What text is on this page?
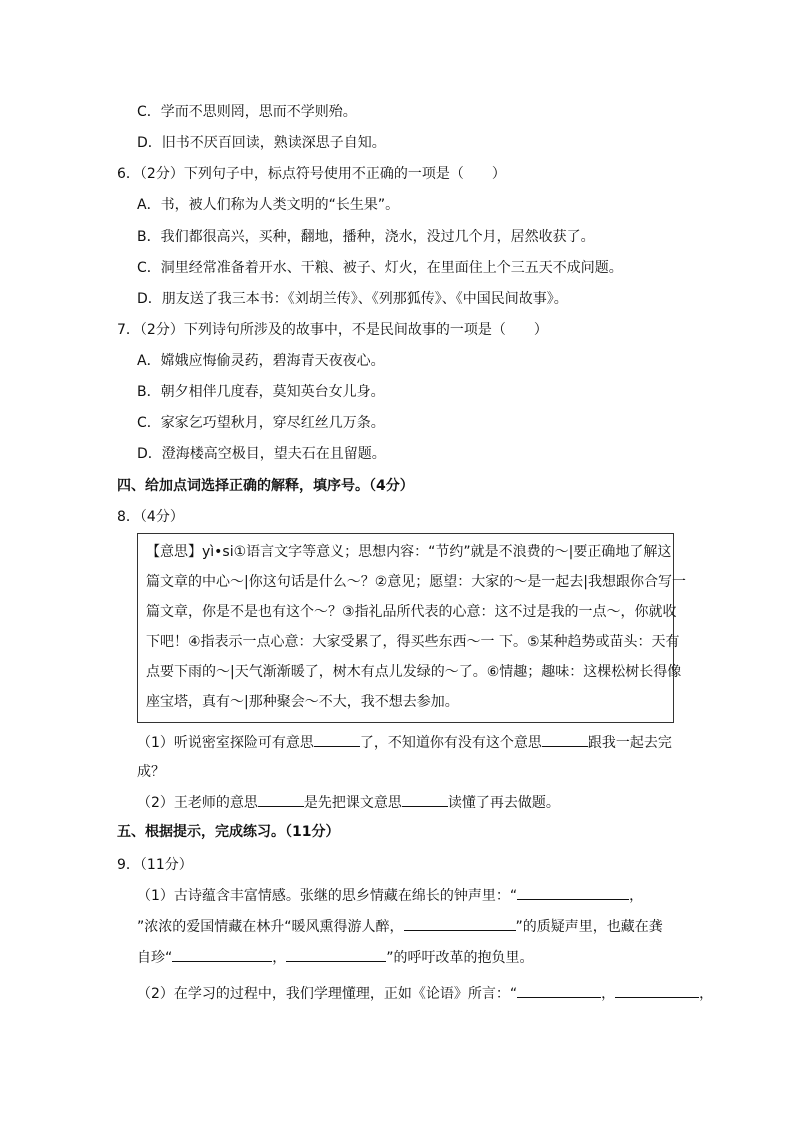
C．学而不思则罔，思而不学则殆。
D．旧书不厌百回读，熟读深思子自知。
6．（2分）下列句子中，标点符号使用不正确的一项是（　　）
A．书，被人们称为人类文明的“长生果”。
B．我们都很高兴，买种，翻地，播种，浇水，没过几个月，居然收获了。
C．洞里经常准备着开水、干粮、被子、灯火，在里面住上个三五天不成问题。
D．朋友送了我三本书：《刘胡兰传》、《列那狐传》、《中国民间故事》。
7．（2分）下列诗句所涉及的故事中，不是民间故事的一项是（　　）
A．嫦娥应悔偷灵药，碧海青天夜夜心。
B．朝夕相伴几度春，莫知英台女儿身。
C．家家乞巧望秋月，穿尽红丝几万条。
D．澄海楼高空极目，望夫石在且留题。
四、给加点词选择正确的解释，填序号。（4分）
8．（4分）
【意思】yì•si①语言文字等意义；思想内容：“节约”就是不浪费的～|要正确地了解这
篇文章的中心～|你这句话是什么～？②意见；愿望：大家的～是一起去|我想跟你合写一
篇文章，你是不是也有这个～？③指礼品所代表的心意：这不过是我的一点～，你就收
下吧！④指表示一点心意：大家受累了，得买些东西～一 下。⑤某种趋势或苗头：天有
点要下雨的～|天气渐渐暖了，树木有点儿发绿的～了。⑥情趣；趣味：这棵松树长得像
座宝塔，真有～|那种聚会～不大，我不想去参加。
（1）听说密室探险可有意思	了，不知道你有没有这个意思	跟我一起去完
成？
（2）王老师的意思	是先把课文意思	读懂了再去做题。
五、根据提示，完成练习。（11分）
9．（11分）
（1）古诗蕴含丰富情感。张继的思乡情藏在绵长的钟声里：“	，
”浓浓的爱国情藏在林升“暖风熏得游人醉，	”的质疑声里，也藏在龚
自珍“	，	”的呼吁改革的抱负里。
（2）在学习的过程中，我们学理懂理，正如《论语》所言：“	，	，
